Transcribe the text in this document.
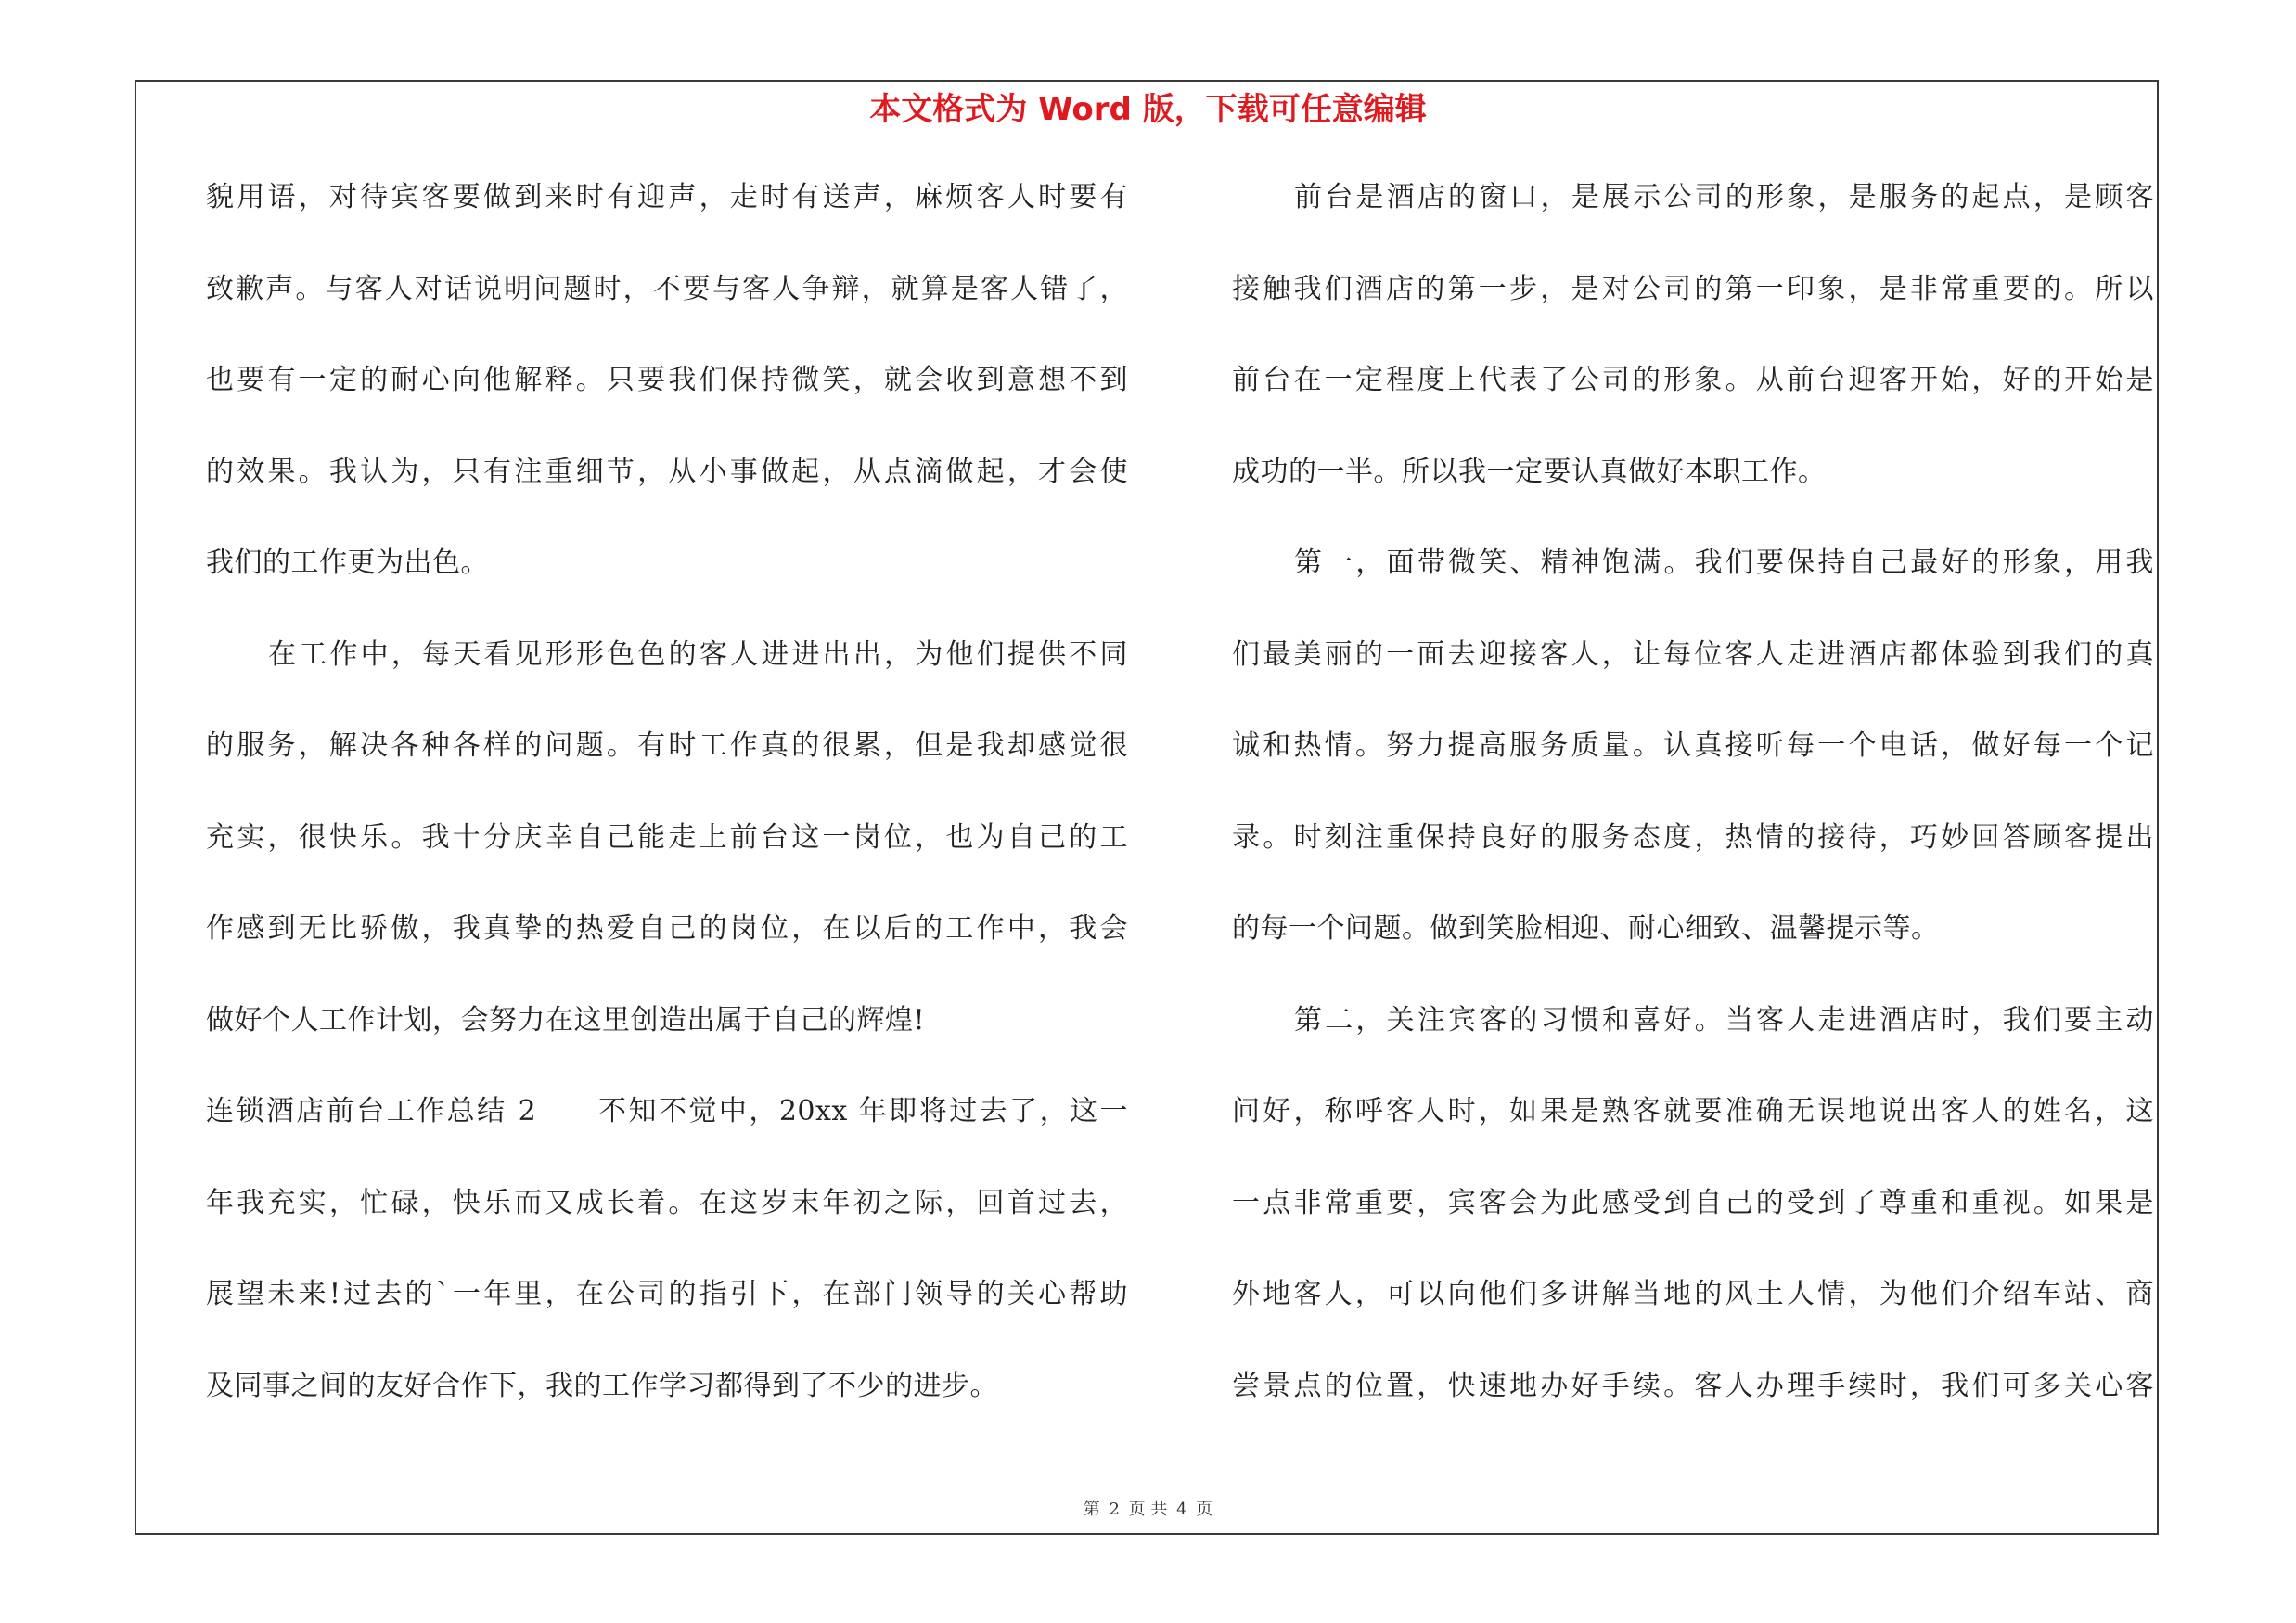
本文格式为 Word 版，下载可任意编辑
貌用语，对待宾客要做到来时有迎声，走时有送声，麻烦客人时要有
致歉声。与客人对话说明问题时，不要与客人争辩，就算是客人错了，
也要有一定的耐心向他解释。只要我们保持微笑，就会收到意想不到
的效果。我认为，只有注重细节，从小事做起，从点滴做起，才会使
我们的工作更为出色。
在工作中，每天看见形形色色的客人进进出出，为他们提供不同
的服务，解决各种各样的问题。有时工作真的很累，但是我却感觉很
充实，很快乐。我十分庆幸自己能走上前台这一岗位，也为自己的工
作感到无比骄傲，我真挚的热爱自己的岗位，在以后的工作中，我会
做好个人工作计划，会努力在这里创造出属于自己的辉煌!
连锁酒店前台工作总结 2　　不知不觉中，20xx 年即将过去了，这一
年我充实，忙碌，快乐而又成长着。在这岁末年初之际，回首过去，
展望未来!过去的`一年里，在公司的指引下，在部门领导的关心帮助
及同事之间的友好合作下，我的工作学习都得到了不少的进步。
前台是酒店的窗口，是展示公司的形象，是服务的起点，是顾客
接触我们酒店的第一步，是对公司的第一印象，是非常重要的。所以
前台在一定程度上代表了公司的形象。从前台迎客开始，好的开始是
成功的一半。所以我一定要认真做好本职工作。
第一，面带微笑、精神饱满。我们要保持自己最好的形象，用我
们最美丽的一面去迎接客人，让每位客人走进酒店都体验到我们的真
诚和热情。努力提高服务质量。认真接听每一个电话，做好每一个记
录。时刻注重保持良好的服务态度，热情的接待，巧妙回答顾客提出
的每一个问题。做到笑脸相迎、耐心细致、温馨提示等。
第二，关注宾客的习惯和喜好。当客人走进酒店时，我们要主动
问好，称呼客人时，如果是熟客就要准确无误地说出客人的姓名，这
一点非常重要，宾客会为此感受到自己的受到了尊重和重视。如果是
外地客人，可以向他们多讲解当地的风土人情，为他们介绍车站、商
尝景点的位置，快速地办好手续。客人办理手续时，我们可多关心客
第 2 页 共 4 页
